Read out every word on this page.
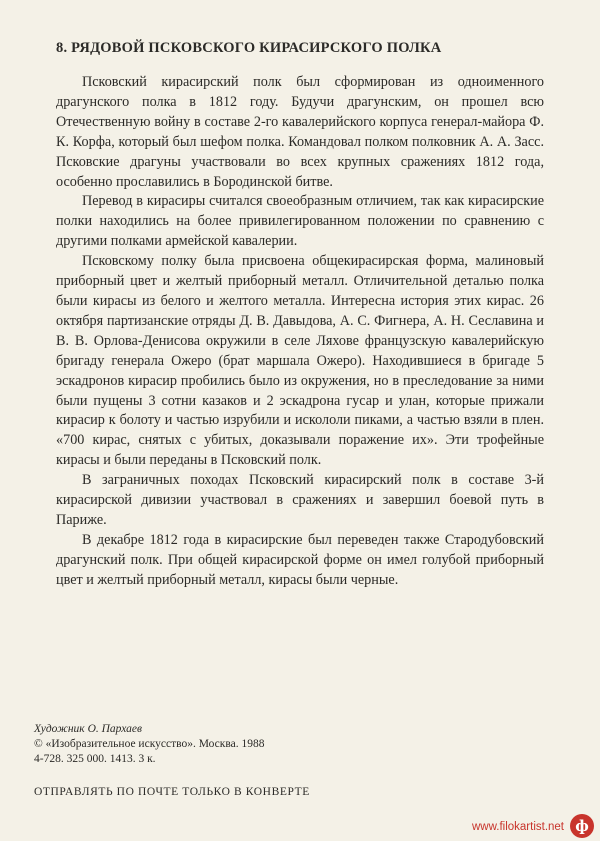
8. РЯДОВОЙ ПСКОВСКОГО КИРАСИРСКОГО ПОЛКА

Псковский кирасирский полк был сформирован из одноименного драгунского полка в 1812 году. Будучи драгунским, он прошел всю Отечественную войну в составе 2-го кавалерийского корпуса генерал-майора Ф. К. Корфа, который был шефом полка. Командовал полком полковник А. А. Засс. Псковские драгуны участвовали во всех крупных сражениях 1812 года, особенно прославились в Бородинской битве.

Перевод в кирасиры считался своеобразным отличием, так как кирасирские полки находились на более привилегированном положении по сравнению с другими полками армейской кавалерии.

Псковскому полку была присвоена общекирасирская форма, малиновый приборный цвет и желтый приборный металл. Отличительной деталью полка были кирасы из белого и желтого металла. Интересна история этих кирас. 26 октября партизанские отряды Д. В. Давыдова, А. С. Фигнера, А. Н. Сеславина и В. В. Орлова-Денисова окружили в селе Ляхове французскую кавалерийскую бригаду генерала Ожеро (брат маршала Ожеро). Находившиеся в бригаде 5 эскадронов кирасир пробились было из окружения, но в преследование за ними были пущены 3 сотни казаков и 2 эскадрона гусар и улан, которые прижали кирасир к болоту и частью изрубили и искололи пиками, а частью взяли в плен. «700 кирас, снятых с убитых, доказывали поражение их». Эти трофейные кирасы и были переданы в Псковский полк.

В заграничных походах Псковский кирасирский полк в составе 3-й кирасирской дивизии участвовал в сражениях и завершил боевой путь в Париже.

В декабре 1812 года в кирасирские был переведен также Стародубовский драгунский полк. При общей кирасирской форме он имел голубой приборный цвет и желтый приборный металл, кирасы были черные.

Художник О. Пархаев
© «Изобразительное искусство». Москва. 1988
4-728. 325 000. 1413. 3 к.
ОТПРАВЛЯТЬ ПО ПОЧТЕ ТОЛЬКО В КОНВЕРТЕ
www.filokartist.net ф
